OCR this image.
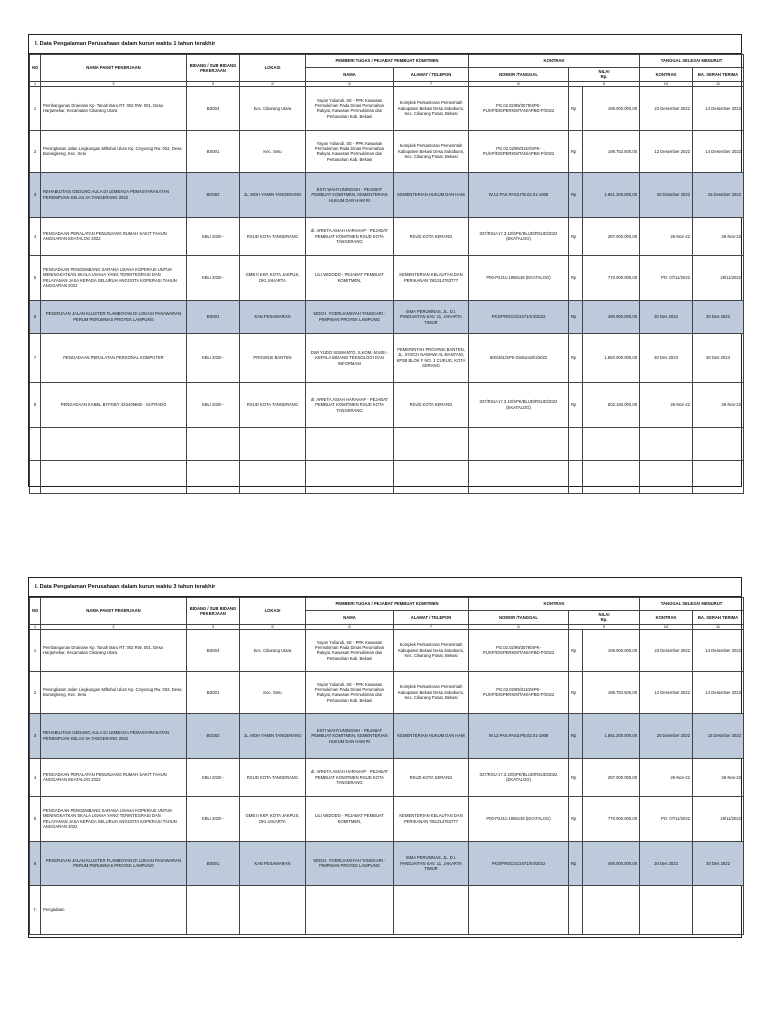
I. Data Pengalaman Perusahaan dalam kurun waktu 1 tahun terakhir
NO	NAMA PAKET PEKERJAAN	BIDANG / SUB BIDANG PEKERJAAN	LOKASI	PEMBERI TUGAS / PEJABAT PEMBUAT KOMITMEN		KONTRAK			TANGGAL SELESAI MENURUT	
				NAMA	ALAMAT / TELEPON	NOMOR /TANGGAL	NILAI
Rp.		KONTRAK	BA. SERAH TERIMA
1	2	3	5	6	7	8	9		10	11
1	Pembangunan Drainase Kp. Tanah Baru RT. 002 RW. 001, Desa Harjamekar, Kecamatan Cikarang Utara	BS004	Kec. Cikarang Utara	Yayan Yuliandi, SE - PPK Kawasan Permukiman Pada Dinas Perumahan Rakyat, Kawasan Permukiman dan Pertanahan Kab. Bekasi	Komplek Perkantoran Pemerintah Kabupaten Bekasi Desa Sukabumi, Kec. Cikarang Pusat, Bekasi	PG.02.02/99/3079/SPK-PL/KP/DISPERKIMTAN/APBD-P/2022	Rp	199.000.000,00	23 Desember 2022	14 Desember 2022
2	Peningkatan Jalan Lingkungan Miftahul Ulum Kp. Cinyosog Rw. 002, Desa Burangkeng, Kec. Setu	BS001	Kec. Setu	Yayan Yuliandi, SE - PPK Kawasan Permukiman Pada Dinas Perumahan Rakyat, Kawasan Permukiman dan Pertanahan Kab. Bekasi	Komplek Perkantoran Pemerintah Kabupaten Bekasi Desa Sukabumi, Kec. Cikarang Pusat, Bekasi	PG.02.02/99/3110/SPK-PL/KP/DISPERKIMTAN/APBD-P/2022	Rp	198.752.500,00	12 Desember 2022	14 Desember 2022
3	REHABILITASI GEDUNG AULA DI LEMBAGA PEMASYARAKATAN PEREMPUAN KELAS IIA TANGERANG 2022	BG002	JL. MOH YAMIN TANGERANG	ESTI WAHYUNINGSIH - PEJABAT PEMBUAT KOMITMEN, KEMENTERIAN HUKUM DAN HAM RI	KEMENTERIAN HUKUM DAN HAM	W.12.PAS.PAS3.PB.02.01-1908	Rp	1.861.200.000,00	25 Desmber 2022	15 Desmber 2022
4	PENGADAAN PERALATAN PENUNJANG RUMAH SAKIT TAHUN ANGGARAN EKATALOG 2022	KBLI 2020 -	RSUD KOTA TANGERANG	dr. ARNITA ASIAH HARAHAP - PEJABAT PEMBUAT KOMITMEN RSUD KOTA TANGERANG	RSUD KOTA SERANG	027/RSU-17.3.10/SPK/BLUD/RSUD/2022 (EKATALOG)	Rp	287.000.000,00	26-Nov-22	26-Nov-22
5	PENGADAAN PENGEMBANG SARANA USAHA KOPERASI UNTUK MENINGKATKAN SKALA USAHA YANG TERINTEGRASI DAN PELAYANAN JASA KEPADA SELURUH ANGGOTA KOPERASI TAHUN ANGGARAN 2022	KBLI 2020 -	GMB II KKP, KOTA JAKPUS, DKI JAKARTA	LILI WIDODO - PEJABAT PEMBUAT KOMITMEN,	KEMENTERIAN KELAUTAN DAN PERIKANAN '081314763777	P00-P2211-1958148 (EKATALOG)	Rp	770.000.000,00	PO: 07/11/2022	28/11/2022
6	PEKERJAAN JALAN KLUSTER FLAMBOYAN DI LOKASI PASAWARAN PERUM PERUMNAS PROYEK LAMPUNG	BS001	KAB PESAWARAN	MOCH. YOERLIANSYAH TANGKARI - PIMPINAN PROYEK LAMPUNG	ISMA PERUMNAS, JL. D.I. PANDJAITAN KAV. 11, JAKARTA TIMUR	PKS/PROC01/2471/XII/2022	Rp	490.000.000,00	30 Des 2022	30 Des 2022
7	PENGADAAN PERALATAN PERSONAL KOMPUTER	KBLI 2020 -	PROVINSI BANTEN	DWI YUDO SISWANTO, S.KOM. M.MSI - KEPALA BIDANG TEKNOLOGI DAN INFORMASI	PEMERINTAH PROVINSI BANTEN, JL. SYECH NAWAWI AL-BANTANI, KP3B BLOK F NO. 1 CURUG, KOTA SERANG	800/261/SPK-Diskominfo/2022	Rp	1.850.000.000,00	30 Des 2023	30 Des 2023
8	PENGADAAN KABEL BYFGBY 4X240MM2 - SUTRADO	KBLI 2020 -	RSUD KOTA TANGERANG	dr. ARNITA ASIAH HARAHAP - PEJABAT PEMBUAT KOMITMEN RSUD KOTA TANGERANG	RSUD KOTA SERANG	027/RSU-17.3.10/SPK/BLUD/RSUD/2022 (EKATALOG)	Rp	502.180.000,00	26-Nov-22	26-Nov-22

I. Data Pengalaman Perusahaan dalam kurun waktu 3 tahun terakhir
NO	NAMA PAKET PEKERJAAN	BIDANG / SUB BIDANG PEKERJAAN	LOKASI	PEMBERI TUGAS / PEJABAT PEMBUAT KOMITMEN		KONTRAK			TANGGAL SELESAI MENURUT	
				NAMA	ALAMAT / TELEPON	NOMOR /TANGGAL	NILAI
Rp.		KONTRAK	BA. SERAH TERIMA
1	2	3	5	6	7	8	9		10	11
1	Pembangunan Drainase Kp. Tanah Baru RT. 002 RW. 001, Desa Harjamekar, Kecamatan Cikarang Utara	BS004	Kec. Cikarang Utara	Yayan Yuliandi, SE - PPK Kawasan Permukiman Pada Dinas Perumahan Rakyat, Kawasan Permukiman dan Pertanahan Kab. Bekasi	Komplek Perkantoran Pemerintah Kabupaten Bekasi Desa Sukabumi, Kec. Cikarang Pusat, Bekasi	PG.02.02/99/3079/SPK-PL/KP/DISPERKIMTAN/APBD-P/2022	Rp	199.000.000,00	23 Desember 2022	14 Desember 2022
2	Peningkatan Jalan Lingkungan Miftahul Ulum Kp. Cinyosog Rw. 002, Desa Burangkeng, Kec. Setu	BS001	Kec. Setu	Yayan Yuliandi, SE - PPK Kawasan Permukiman Pada Dinas Perumahan Rakyat, Kawasan Permukiman dan Pertanahan Kab. Bekasi	Komplek Perkantoran Pemerintah Kabupaten Bekasi Desa Sukabumi, Kec. Cikarang Pusat, Bekasi	PG.02.02/99/3110/SPK-PL/KP/DISPERKIMTAN/APBD-P/2022	Rp	198.752.500,00	12 Desember 2022	14 Desember 2022
3	REHABILITASI GEDUNG AULA DI LEMBAGA PEMASYARAKATAN PEREMPUAN KELAS IIA TANGERANG 2022	BG002	JL. MOH YAMIN TANGERANG	ESTI WAHYUNINGSIH - PEJABAT PEMBUAT KOMITMEN, KEMENTERIAN HUKUM DAN HAM RI	KEMENTERIAN HUKUM DAN HAM	W.12.PAS.PAS3.PB.02.01-1908	Rp	1.861.200.000,00	25 Desmber 2022	15 Desmber 2022
4	PENGADAAN PERALATAN PENUNJANG RUMAH SAKIT TAHUN ANGGARAN EKATALOG 2022	KBLI 2020 -	RSUD KOTA TANGERANG	dr. ARNITA ASIAH HARAHAP - PEJABAT PEMBUAT KOMITMEN RSUD KOTA TANGERANG	RSUD KOTA SERANG	027/RSU-17.3.10/SPK/BLUD/RSUD/2022 (EKATALOG)	Rp	287.000.000,00	26-Nov-22	26-Nov-22
5	PENGADAAN PENGEMBANG SARANA USAHA KOPERASI UNTUK MENINGKATKAN SKALA USAHA YANG TERINTEGRASI DAN PELAYANAN JASA KEPADA SELURUH ANGGOTA KOPERASI TAHUN ANGGARAN 2022	KBLI 2020 -	GMB II KKP, KOTA JAKPUS, DKI JAKARTA	LILI WIDODO - PEJABAT PEMBUAT KOMITMEN,	KEMENTERIAN KELAUTAN DAN PERIKANAN '081314763777	P00-P2211-1958148 (EKATALOG)	Rp	770.000.000,00	PO: 07/11/2022	28/11/2022
6	PEKERJAAN JALAN KLUSTER FLAMBOYAN DI LOKASI PASAWARAN PERUM PERUMNAS PROYEK LAMPUNG	BS001	KAB PESAWARAN	MOCH. YOERLIANSYAH TANGKARI - PIMPINAN PROYEK LAMPUNG	ISMA PERUMNAS, JL. D.I. PANDJAITAN KAV. 11, JAKARTA TIMUR	PKS/PROC01/2471/XII/2022	Rp	490.000.000,00	30 Des 2022	30 Des 2022
7.	Pengadaan									
